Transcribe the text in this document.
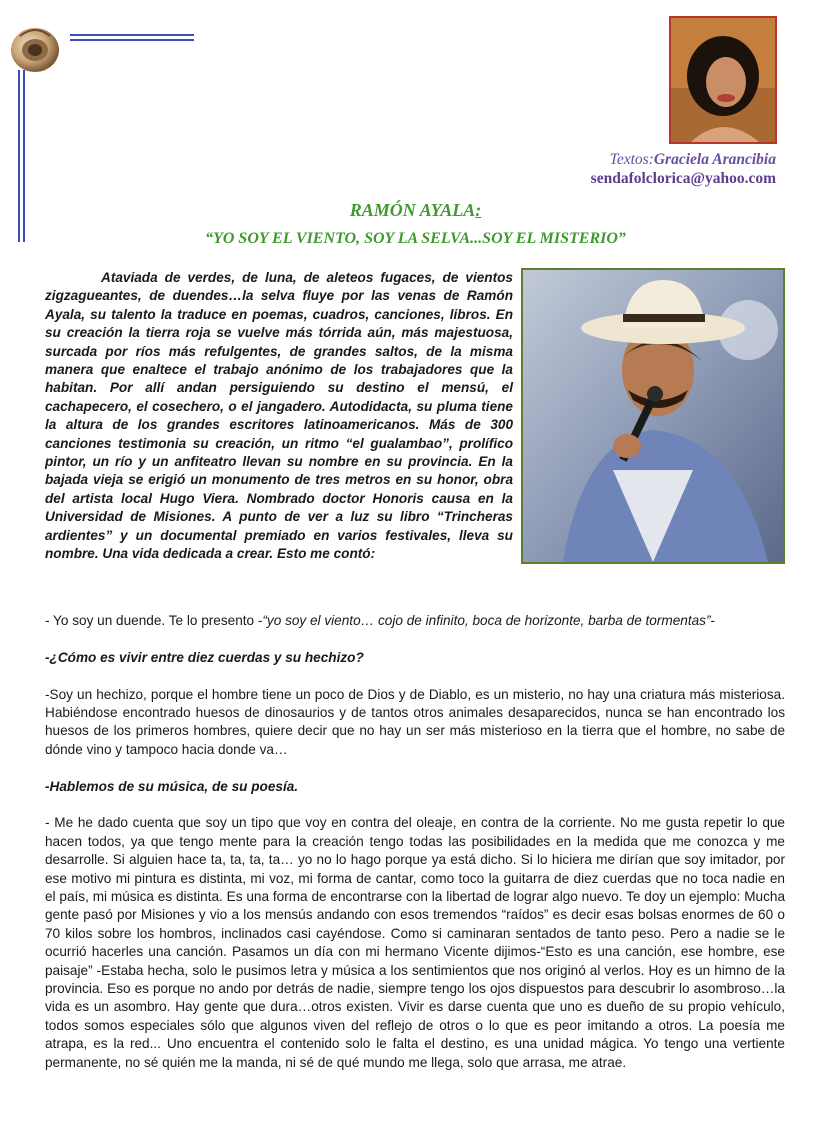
Textos:Graciela Arancibia
sendafolclorica@yahoo.com
RAMÓN AYALA:
“YO SOY EL VIENTO, SOY LA SELVA...SOY EL MISTERIO”

Ataviada de verdes, de luna, de aleteos fugaces, de vientos zigzagueantes, de duendes…la selva fluye por las venas de Ramón Ayala, su talento la traduce en poemas, cuadros, canciones, libros. En su creación la tierra roja se vuelve más tórrida aún, más majestuosa, surcada por ríos más refulgentes, de grandes saltos, de la misma manera que enaltece el trabajo anónimo de los trabajadores que la habitan. Por allí andan persiguiendo su destino el mensú, el cachapecero, el cosechero, o el jangadero. Autodidacta, su pluma tiene la altura de los grandes escritores latinoamericanos. Más de 300 canciones testimonia su creación, un ritmo “el gualambao”, prolífico pintor, un río y un anfiteatro llevan su nombre en su provincia. En la bajada vieja se erigió un monumento de tres metros en su honor, obra del artista local Hugo Viera. Nombrado doctor Honoris causa en la Universidad de Misiones. A punto de ver a luz su libro “Trincheras ardientes” y un documental premiado en varios festivales, lleva su nombre. Una vida dedicada a crear. Esto me contó:

- Yo soy un duende. Te lo presento -“yo soy el viento… cojo de infinito, boca de horizonte, barba de tormentas”-

-¿Cómo es vivir entre diez cuerdas y su hechizo?

-Soy un hechizo, porque el hombre tiene un poco de Dios y de Diablo, es un misterio, no hay una criatura más misteriosa. Habiéndose encontrado huesos de dinosaurios y de tantos otros animales desaparecidos, nunca se han encontrado los huesos de los primeros hombres, quiere decir que no hay un ser más misterioso en la tierra que el hombre, no sabe de dónde vino y tampoco hacia donde va…

-Hablemos de su música, de su poesía.

- Me he dado cuenta que soy un tipo que voy en contra del oleaje, en contra de la corriente. No me gusta repetir lo que hacen todos, ya que tengo mente para la creación tengo todas las posibilidades en la medida que me conozca y me desarrolle. Si alguien hace ta, ta, ta, ta… yo no lo hago porque ya está dicho. Si lo hiciera me dirían que soy imitador, por ese motivo mi pintura es distinta, mi voz, mi forma de cantar, como toco la guitarra de diez cuerdas que no toca nadie en el país, mi música es distinta. Es una forma de encontrarse con la libertad de lograr algo nuevo. Te doy un ejemplo: Mucha gente pasó por Misiones y vio a los mensús andando con esos tremendos “raídos” es decir esas bolsas enormes de 60 o 70 kilos sobre los hombros, inclinados casi cayéndose. Como si caminaran sentados de tanto peso. Pero a nadie se le ocurrió hacerles una canción. Pasamos un día con mi hermano Vicente dijimos-“Esto es una canción, ese hombre, ese paisaje” -Estaba hecha, solo le pusimos letra y música a los sentimientos que nos originó al verlos. Hoy es un himno de la provincia. Eso es porque no ando por detrás de nadie, siempre tengo los ojos dispuestos para descubrir lo asombroso…la vida es un asombro. Hay gente que dura…otros existen. Vivir es darse cuenta que uno es dueño de su propio vehículo, todos somos especiales sólo que algunos viven del reflejo de otros o lo que es peor imitando a otros. La poesía me atrapa, es la red... Uno encuentra el contenido solo le falta el destino, es una unidad mágica. Yo tengo una vertiente permanente, no sé quién me la manda, ni sé de qué mundo me llega, solo que arrasa, me atrae.
